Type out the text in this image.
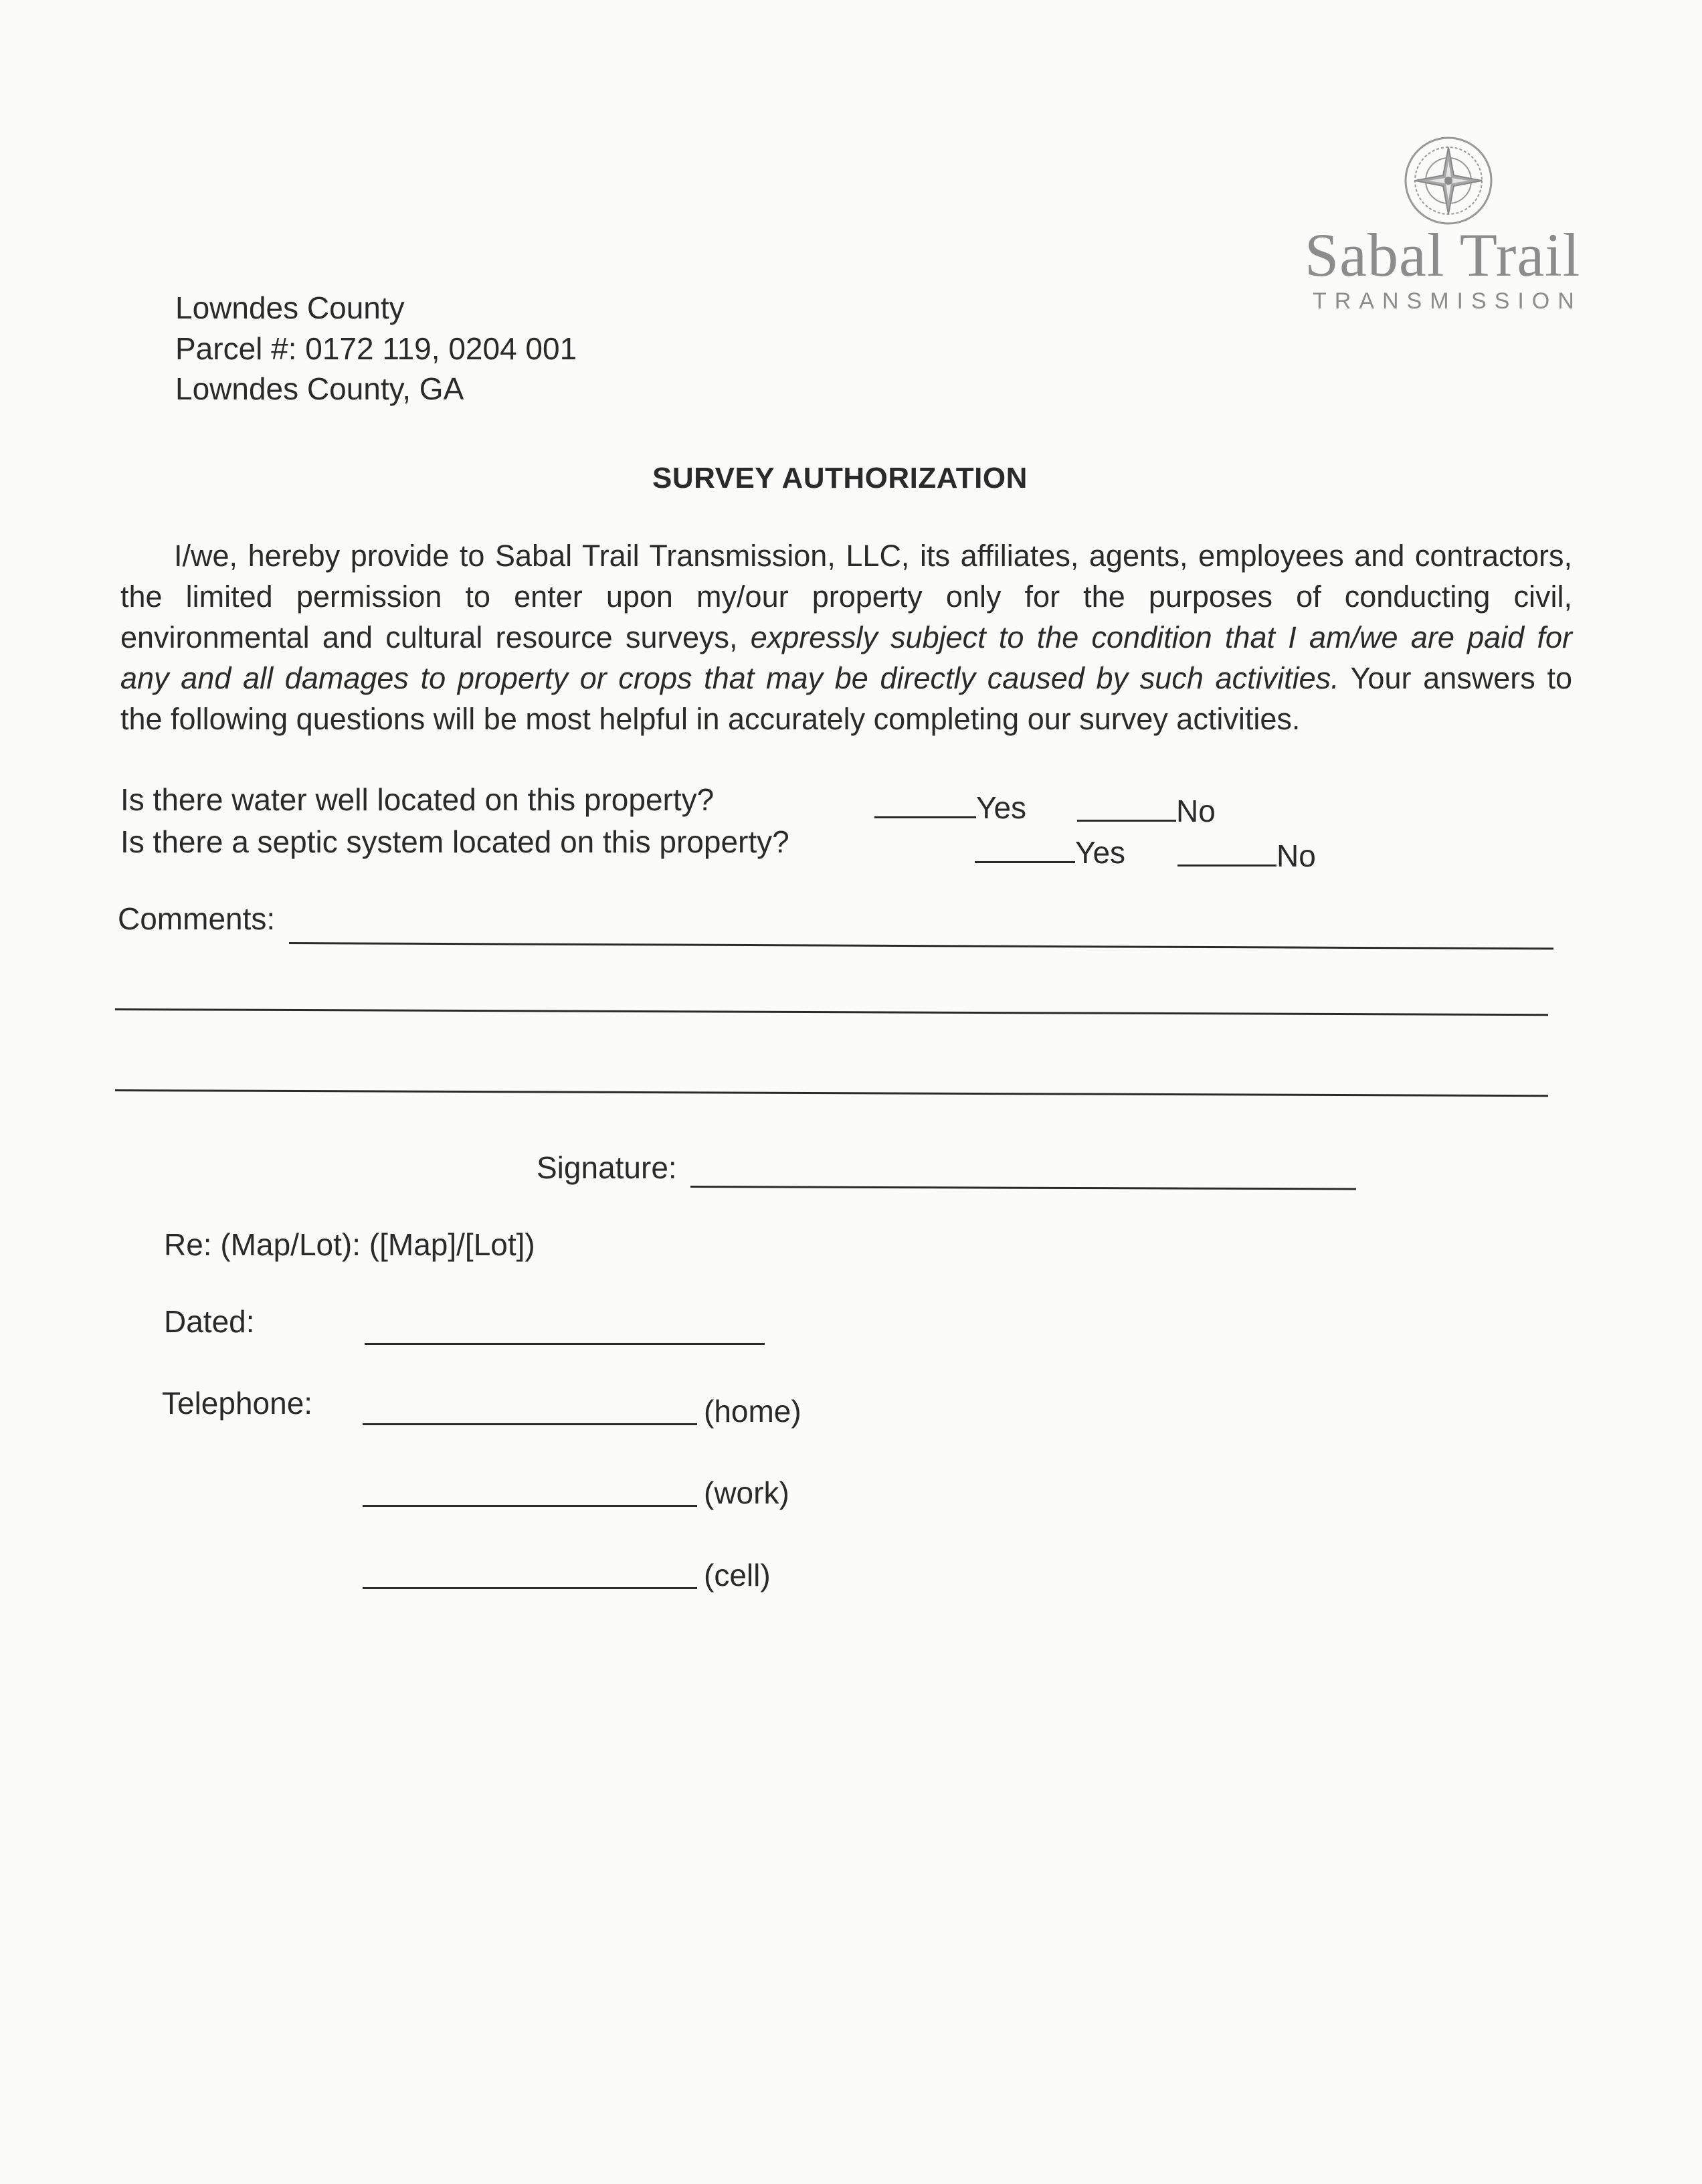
Sabal Trail
TRANSMISSION
Lowndes County
Parcel #: 0172 119, 0204 001
Lowndes County, GA
SURVEY AUTHORIZATION

I/we, hereby provide to Sabal Trail Transmission, LLC, its affiliates, agents, employees and contractors,

the limited permission to enter upon my/our property only for the purposes of conducting civil,

environmental and cultural resource surveys, expressly subject to the condition that I am/we are paid for

any and all damages to property or crops that may be directly caused by such activities. Your answers to

the following questions will be most helpful in accurately completing our survey activities.

Is there water well located on this property?	Yes	No
Is there a septic system located on this property?	Yes	No
Comments:
Signature:
Re: (Map/Lot): ([Map]/[Lot])
Dated:
Telephone:	(home)
(work)
(cell)
